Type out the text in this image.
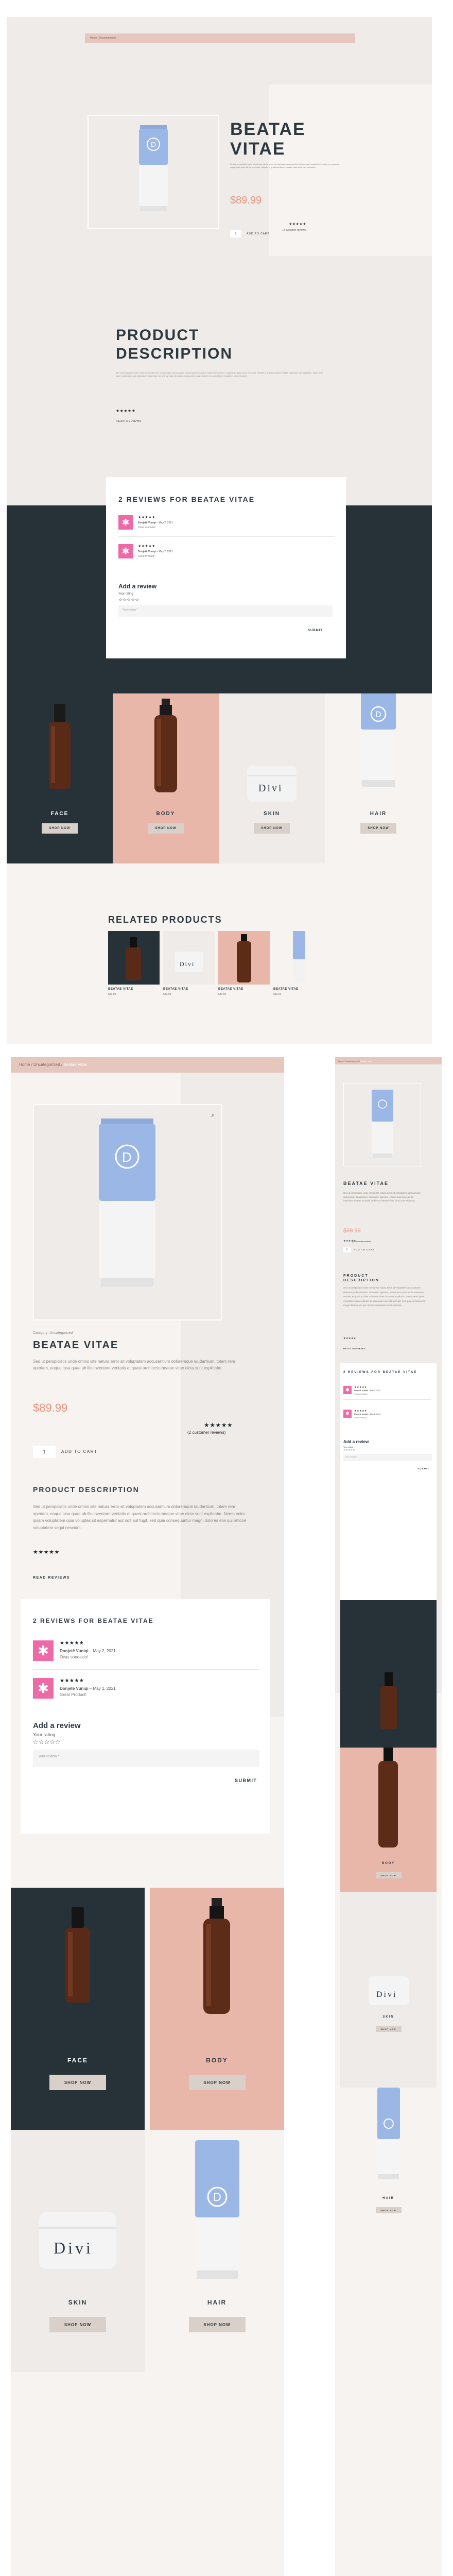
Home / Uncategorized
D
BEATAE
VITAE
Sed ut perspiciatis unde omnis iste natura error sit voluptatem accusantium doloremque laudantium, totam rem aperiam, eaque ipsa quae ab illo inventore veritatis et quasi architecto beatae vitae dicta sunt explicabo.
$89.99
★★★★★
(2 customer reviews)
1	ADD TO CART
PRODUCT
DESCRIPTION
Sed ut perspiciatis unde omnis iste natura error sit voluptatem accusantium doloremque laudantium, totam rem aperiam, eaque ipsa quae ab illo inventore veritatis et quasi architecto beatae vitae dicta sunt explicabo. Nemo enim ipsam voluptatem quia voluptas sit aspernatur aut odit aut fugit, sed quia consequuntur magni dolores eos qui ratione voluptatem sequi nesciunt.
★★★★★
READ REVIEWS
2 REVIEWS FOR BEATAE VITAE
✱	★★★★★
Donjetë Vuniqi – May 2, 2021
Ovas sondaklo!
✱	★★★★★
Donjetë Vuniqi – May 2, 2021
Great Product!
Add a review
Your rating
☆☆☆☆☆
Your review *
SUBMIT
FACE
SHOP NOW
BODY
SHOP NOW
Divi
SKIN
SHOP NOW
D
HAIR
SHOP NOW
RELATED PRODUCTS
Divi
BEATAE VITAE
$89.99
BEATAE VITAE
$89.99
BEATAE VITAE
$89.99
BEATAE VITAE
$89.99
Home / Uncategorized / Beatae Vitae
D
⌕
Category: Uncategorized
BEATAE VITAE
Sed ut perspiciatis unde omnis iste natura error sit voluptatem accusantium doloremque laudantium, totam rem aperiam, eaque ipsa quae ab illo inventore veritatis et quasi architecto beatae vitae dicta sunt explicabo.
$89.99
★★★★★
(2 customer reviews)
1	ADD TO CART
PRODUCT DESCRIPTION
Sed ut perspiciatis unde omnis iste natura error sit voluptatem accusantium doloremque laudantium, totam rem aperiam, eaque ipsa quae ab illo inventore veritatis et quasi architecto beatae vitae dicta sunt explicabo. Nemo enim ipsam voluptatem quia voluptas sit aspernatur aut odit aut fugit, sed quia consequuntur magni dolores eos qui ratione voluptatem sequi nesciunt.
★★★★★
READ REVIEWS
2 REVIEWS FOR BEATAE VITAE
✱	★★★★★
Donjetë Vuniqi – May 2, 2021
Ovas sondaklo!
✱	★★★★★
Donjetë Vuniqi – May 2, 2021
Great Product!
Add a review
Your rating
☆☆☆☆☆
Your review *
SUBMIT
FACE
SHOP NOW
BODY
SHOP NOW
Divi
SKIN
SHOP NOW
D
HAIR
SHOP NOW
Home / Uncategorized / Beatae Vitae
BEATAE VITAE
Sed ut perspiciatis unde omnis iste natura error sit voluptatem accusantium doloremque laudantium, totam rem aperiam, eaque ipsa quae ab illo inventore veritatis et quasi architecto beatae vitae dicta sunt explicabo.
$89.99
★★★★★
(2 customer reviews)
1	ADD TO CART
PRODUCT
DESCRIPTION
Sed ut perspiciatis unde omnis iste natura error sit voluptatem accusantium doloremque laudantium, totam rem aperiam, eaque ipsa quae ab illo inventore veritatis et quasi architecto beatae vitae dicta sunt explicabo. Nemo enim ipsam voluptatem quia voluptas sit aspernatur aut odit aut fugit, sed quia consequuntur magni dolores eos qui ratione voluptatem sequi nesciunt.
★★★★★
READ REVIEWS
2 REVIEWS FOR BEATAE VITAE
✱	★★★★★
Donjetë Vuniqi – May 2, 2021
Ovas sondaklo!
✱	★★★★★
Donjetë Vuniqi – May 2, 2021
Great Product!
Add a review
Your rating
☆☆☆☆☆
Your review *
SUBMIT
BODY
SHOP NOW
Divi
SKIN
SHOP NOW
HAIR
SHOP NOW
